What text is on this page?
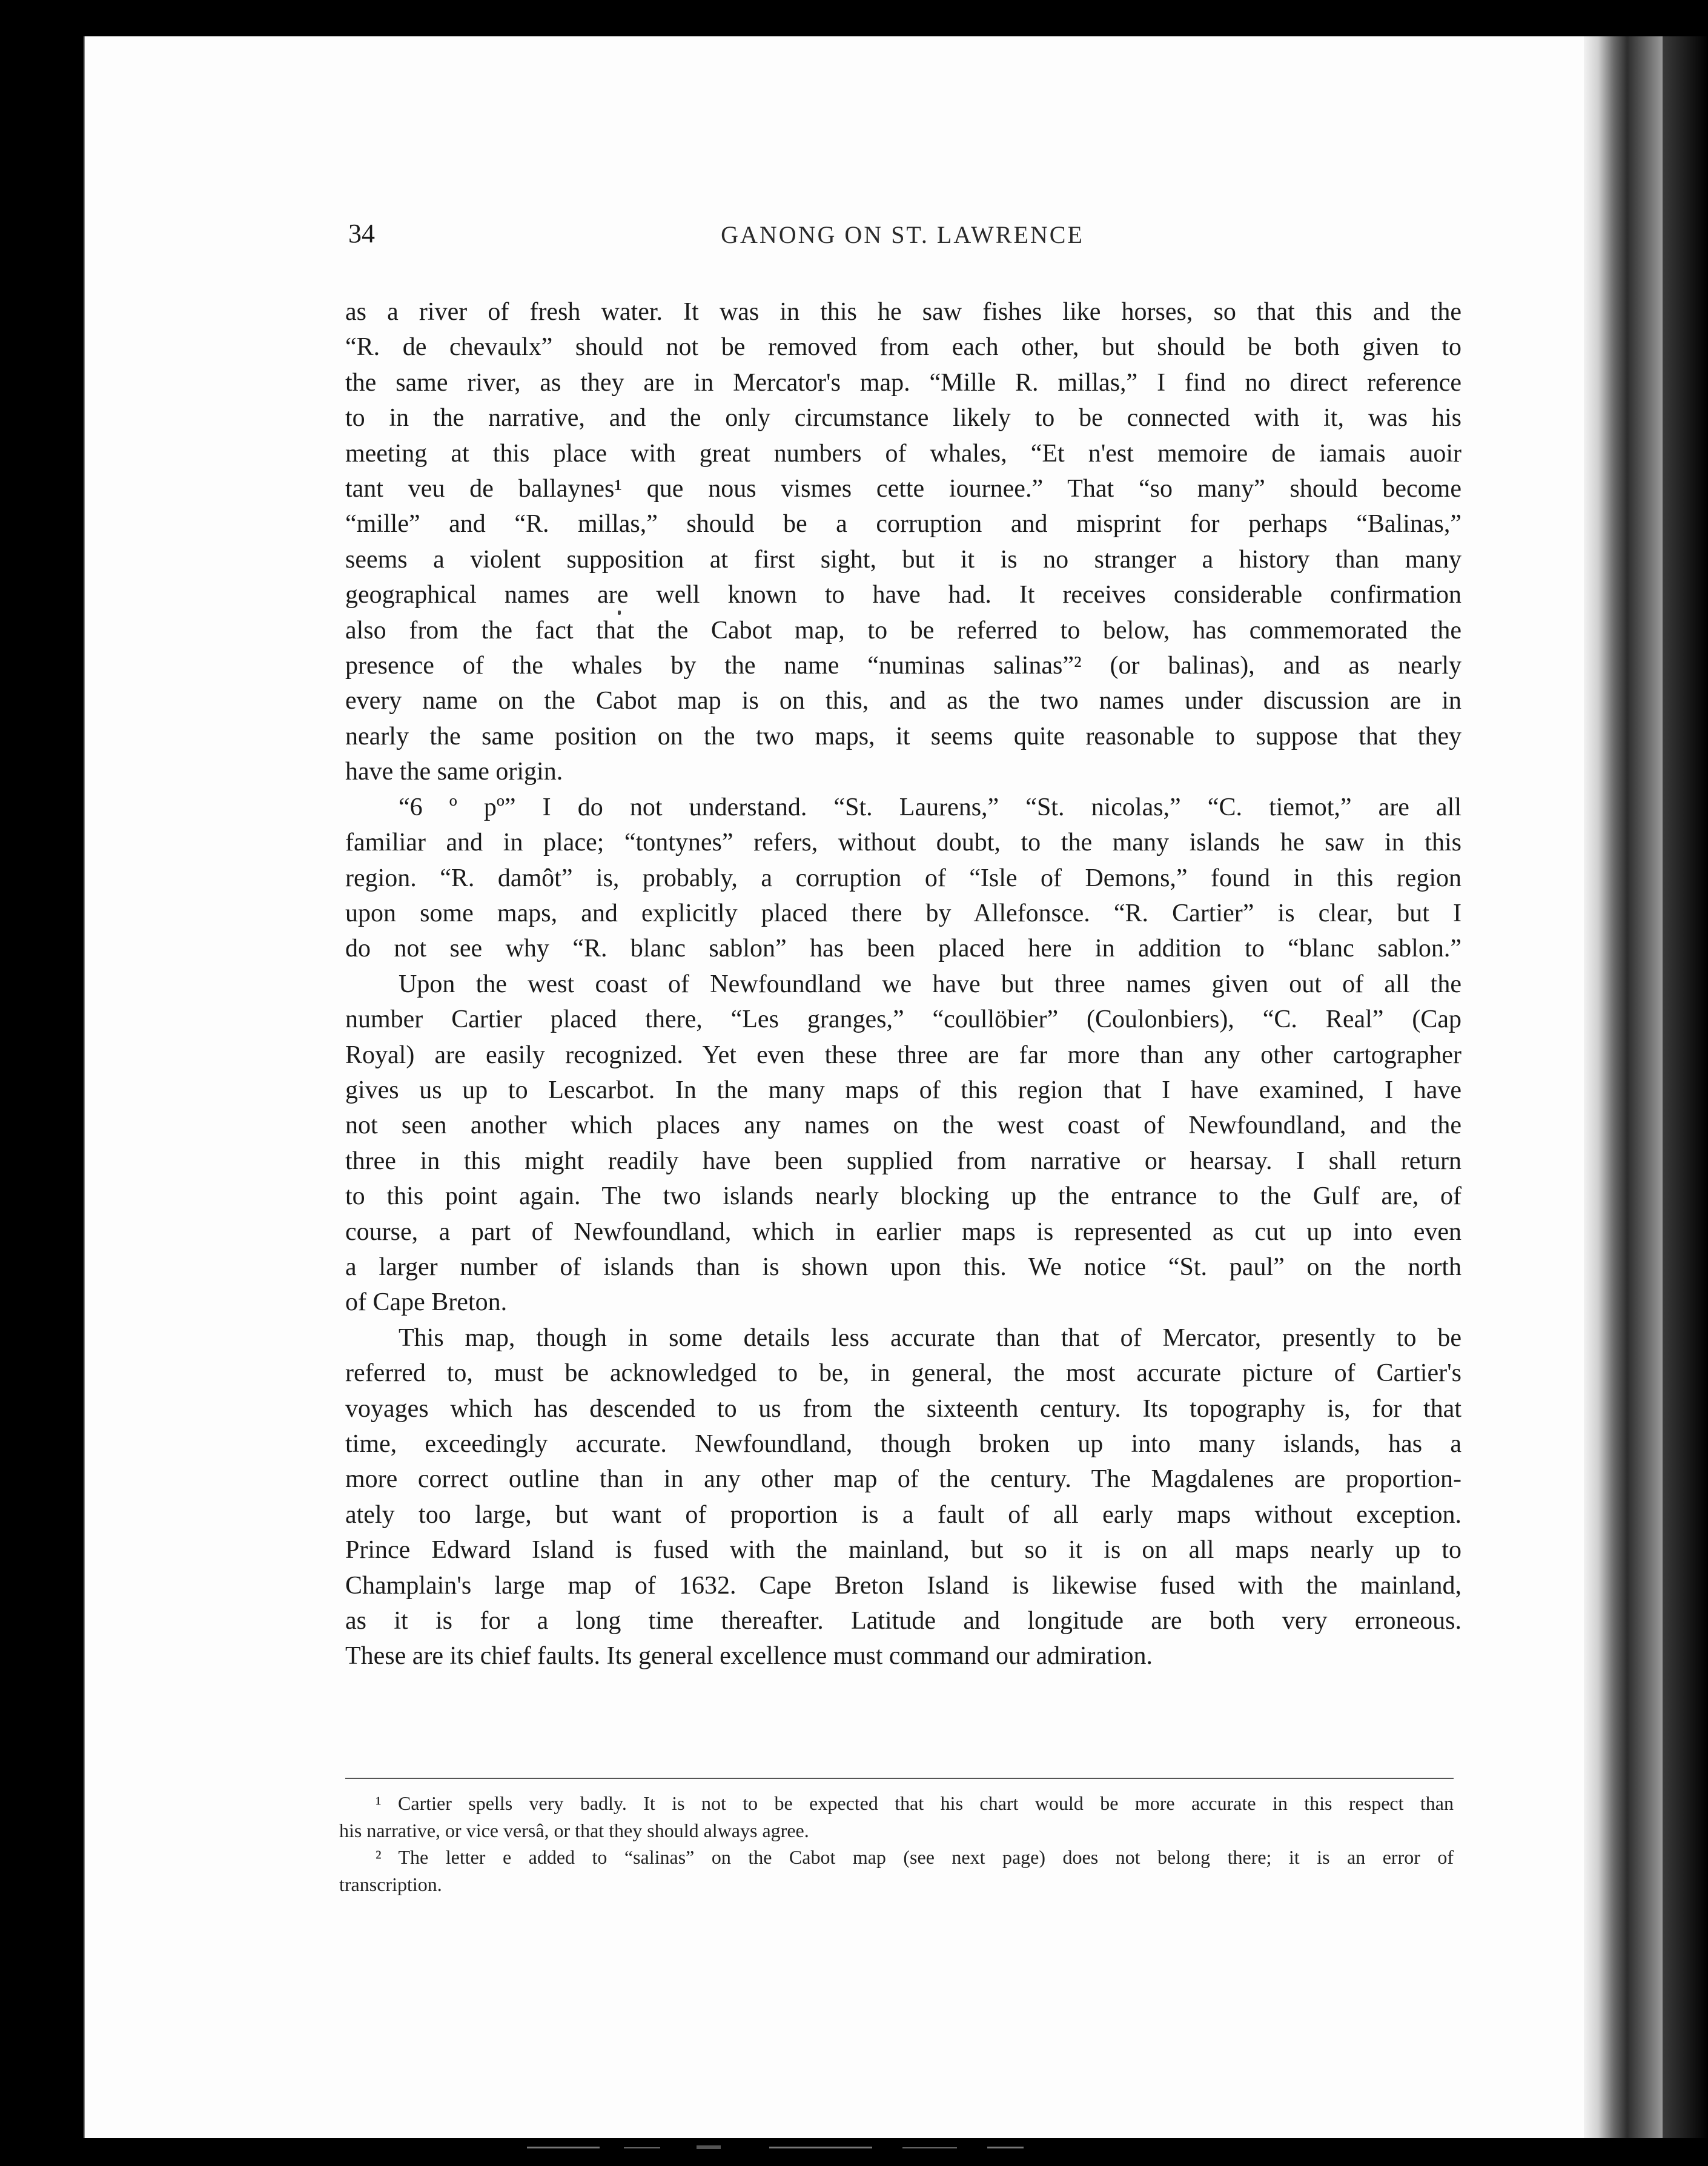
34	GANONG ON ST. LAWRENCE

as a river of fresh water. It was in this he saw fishes like horses, so that this and the

“R. de chevaulx” should not be removed from each other, but should be both given to

the same river, as they are in Mercator's map. “Mille R. millas,” I find no direct reference

to in the narrative, and the only circumstance likely to be connected with it, was his

meeting at this place with great numbers of whales, “Et n'est memoire de iamais auoir

tant veu de ballaynes¹ que nous vismes cette iournee.” That “so many” should become

“mille” and “R. millas,” should be a corruption and misprint for perhaps “Balinas,”

seems a violent supposition at first sight, but it is no stranger a history than many

geographical names are well known to have had. It receives considerable confirmation

also from the fact that the Cabot map, to be referred to below, has commemorated the

presence of the whales by the name “numinas salinas”² (or balinas), and as nearly

every name on the Cabot map is on this, and as the two names under discussion are in

nearly the same position on the two maps, it seems quite reasonable to suppose that they

have the same origin.

“6 º pº” I do not understand. “St. Laurens,” “St. nicolas,” “C. tiemot,” are all

familiar and in place; “tontynes” refers, without doubt, to the many islands he saw in this

region. “R. damôt” is, probably, a corruption of “Isle of Demons,” found in this region

upon some maps, and explicitly placed there by Allefonsce. “R. Cartier” is clear, but I

do not see why “R. blanc sablon” has been placed here in addition to “blanc sablon.”

Upon the west coast of Newfoundland we have but three names given out of all the

number Cartier placed there, “Les granges,” “coullöbier” (Coulonbiers), “C. Real” (Cap

Royal) are easily recognized. Yet even these three are far more than any other cartographer

gives us up to Lescarbot. In the many maps of this region that I have examined, I have

not seen another which places any names on the west coast of Newfoundland, and the

three in this might readily have been supplied from narrative or hearsay. I shall return

to this point again. The two islands nearly blocking up the entrance to the Gulf are, of

course, a part of Newfoundland, which in earlier maps is represented as cut up into even

a larger number of islands than is shown upon this. We notice “St. paul” on the north

of Cape Breton.

This map, though in some details less accurate than that of Mercator, presently to be

referred to, must be acknowledged to be, in general, the most accurate picture of Cartier's

voyages which has descended to us from the sixteenth century. Its topography is, for that

time, exceedingly accurate. Newfoundland, though broken up into many islands, has a

more correct outline than in any other map of the century. The Magdalenes are proportion-

ately too large, but want of proportion is a fault of all early maps without exception.

Prince Edward Island is fused with the mainland, but so it is on all maps nearly up to

Champlain's large map of 1632. Cape Breton Island is likewise fused with the mainland,

as it is for a long time thereafter. Latitude and longitude are both very erroneous.

These are its chief faults. Its general excellence must command our admiration.

¹ Cartier spells very badly. It is not to be expected that his chart would be more accurate in this respect than

his narrative, or vice versâ, or that they should always agree.

² The letter e added to “salinas” on the Cabot map (see next page) does not belong there; it is an error of

transcription.
